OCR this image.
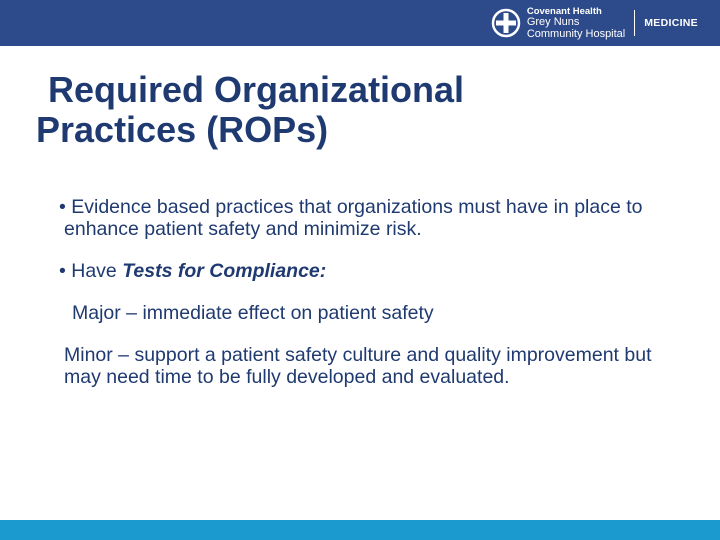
Covenant Health
Grey Nuns
Community Hospital
MEDICINE
Required Organizational
Practices (ROPs)

• Evidence based practices that organizations must have in place to enhance patient safety and minimize risk.

• Have Tests for Compliance:

Major – immediate effect on patient safety

Minor – support a patient safety culture and quality improvement but may need time to be fully developed and evaluated.
